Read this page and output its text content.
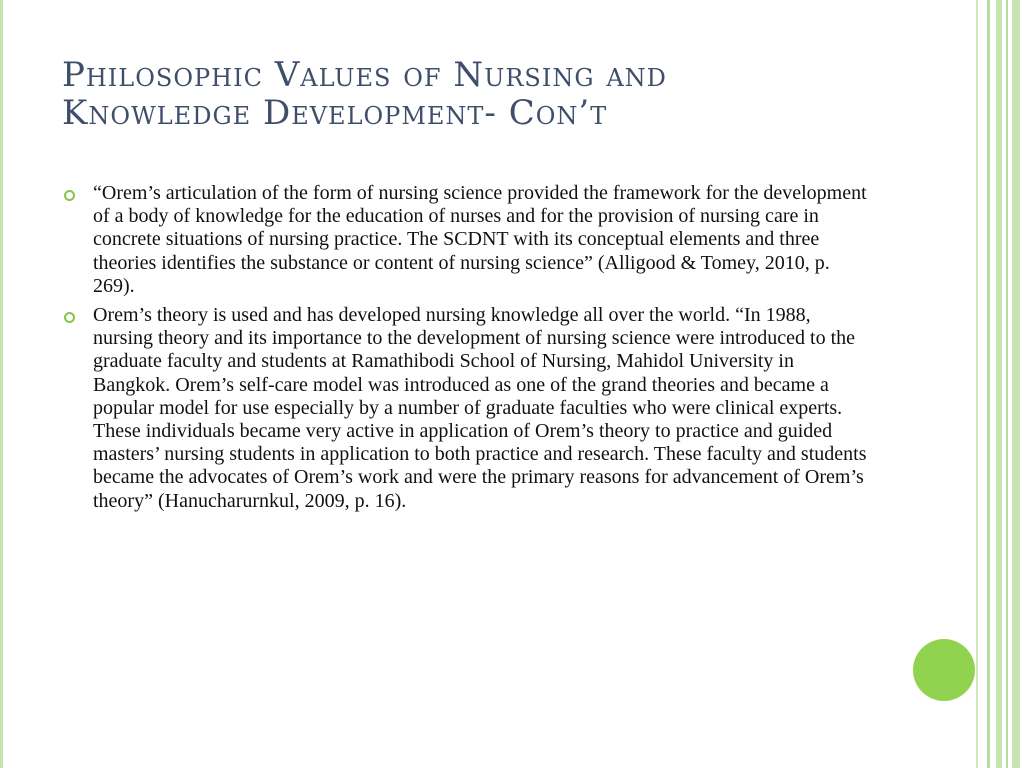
Philosophic Values of Nursing and
Knowledge Development- Con’t
“Orem’s articulation of the form of nursing science provided the framework for the development of a body of knowledge for the education of nurses and for the provision of nursing care in concrete situations of nursing practice. The SCDNT with its conceptual elements and three theories identifies the substance or content of nursing science” (Alligood & Tomey, 2010, p. 269).
Orem’s theory is used and has developed nursing knowledge all over the world. “In 1988, nursing theory and its importance to the development of nursing science were introduced to the graduate faculty and students at Ramathibodi School of Nursing, Mahidol University in Bangkok. Orem’s self-care model was introduced as one of the grand theories and became a popular model for use especially by a number of graduate faculties who were clinical experts. These individuals became very active in application of Orem’s theory to practice and guided masters’ nursing students in application to both practice and research. These faculty and students became the advocates of Orem’s work and were the primary reasons for advancement of Orem’s theory” (Hanucharurnkul, 2009, p. 16).
